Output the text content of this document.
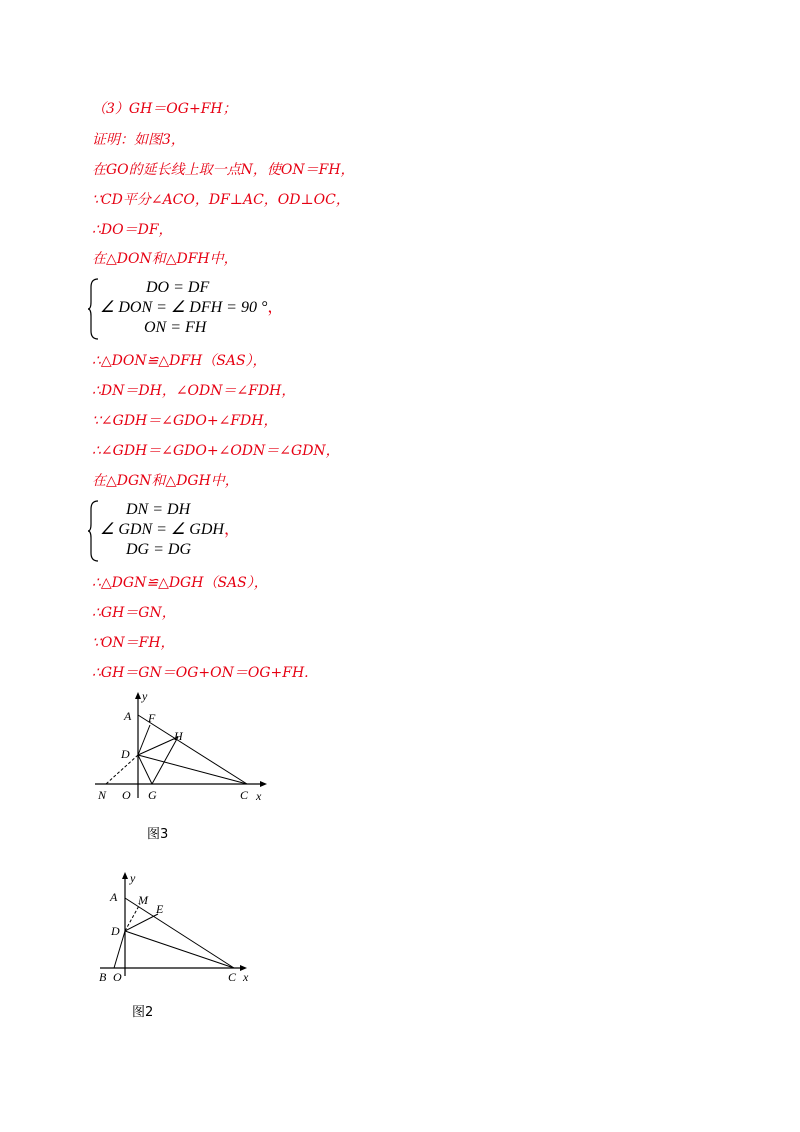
（3）GH＝OG+FH；
证明：如图3，
在GO的延长线上取一点N，使ON＝FH，
∵CD平分∠ACO，DF⊥AC，OD⊥OC，
∴DO＝DF，
在△DON和△DFH中，
DO = DF
∠ DON = ∠ DFH = 90 °，
ON = FH
∴△DON≌△DFH（SAS），
∴DN＝DH，∠ODN＝∠FDH，
∵∠GDH＝∠GDO+∠FDH，
∴∠GDH＝∠GDO+∠ODN＝∠GDN，
在△DGN和△DGH中，
DN = DH
∠ GDN = ∠ GDH，
DG = DG
∴△DGN≌△DGH（SAS），
∴GH＝GN，
∵ON＝FH，
∴GH＝GN＝OG+ON＝OG+FH.
y
A F
H
D
N O G	C x
图3
y
A M
E
D
B O	C x
图2
